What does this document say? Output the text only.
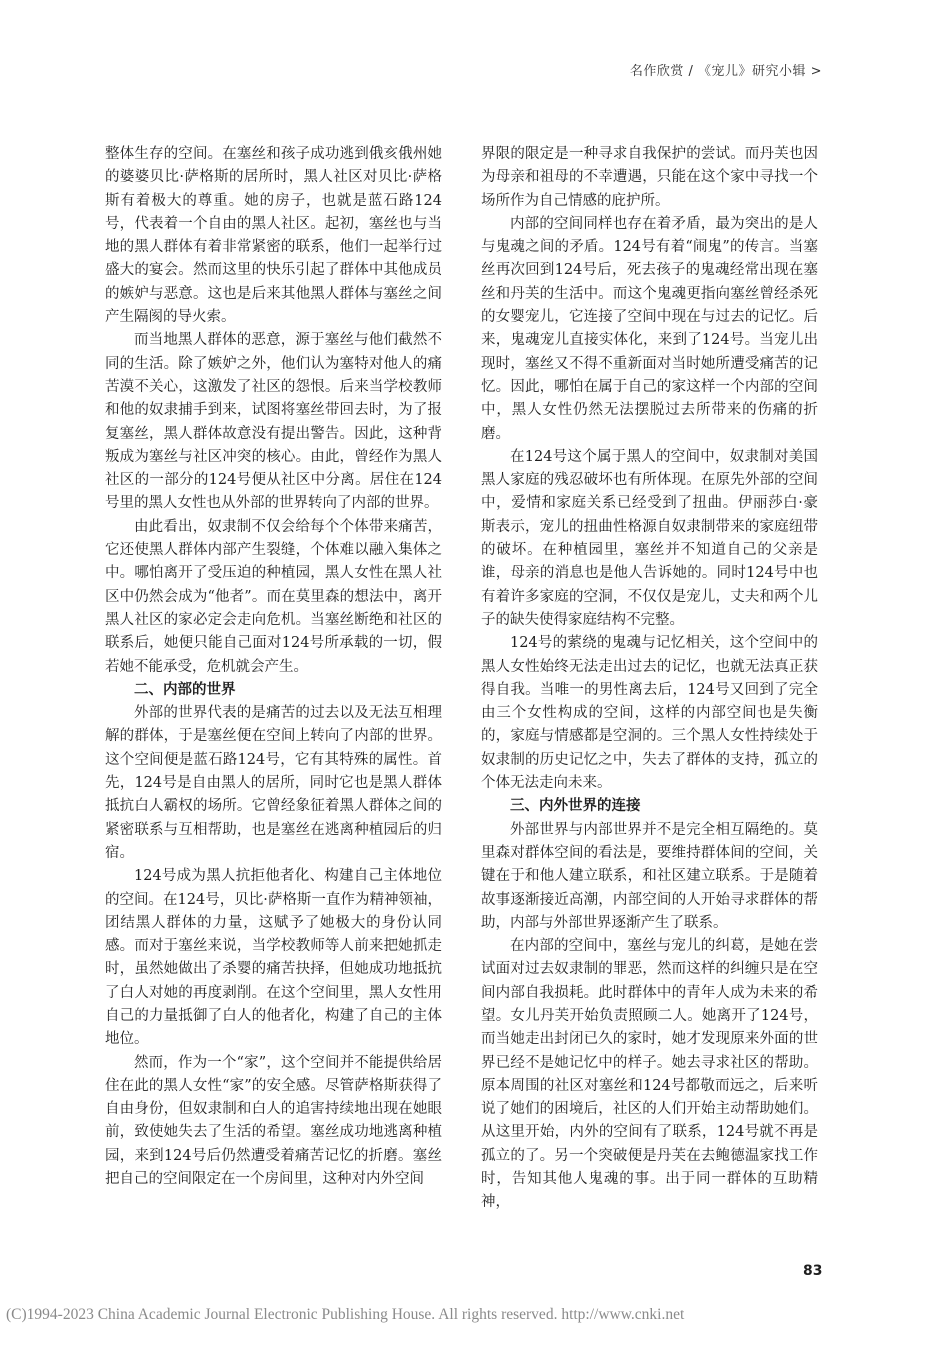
名作欣赏 / 《宠儿》研究小辑 >

整体生存的空间。在塞丝和孩子成功逃到俄亥俄州她的婆婆贝比·萨格斯的居所时，黑人社区对贝比·萨格斯有着极大的尊重。她的房子，也就是蓝石路124号，代表着一个自由的黑人社区。起初，塞丝也与当地的黑人群体有着非常紧密的联系，他们一起举行过盛大的宴会。然而这里的快乐引起了群体中其他成员的嫉妒与恶意。这也是后来其他黑人群体与塞丝之间产生隔阂的导火索。

而当地黑人群体的恶意，源于塞丝与他们截然不同的生活。除了嫉妒之外，他们认为塞特对他人的痛苦漠不关心，这激发了社区的怨恨。后来当学校教师和他的奴隶捕手到来，试图将塞丝带回去时，为了报复塞丝，黑人群体故意没有提出警告。因此，这种背叛成为塞丝与社区冲突的核心。由此，曾经作为黑人社区的一部分的124号便从社区中分离。居住在124号里的黑人女性也从外部的世界转向了内部的世界。

由此看出，奴隶制不仅会给每个个体带来痛苦，它还使黑人群体内部产生裂缝，个体难以融入集体之中。哪怕离开了受压迫的种植园，黑人女性在黑人社区中仍然会成为“他者”。而在莫里森的想法中，离开黑人社区的家必定会走向危机。当塞丝断绝和社区的联系后，她便只能自己面对124号所承载的一切，假若她不能承受，危机就会产生。

二、内部的世界

外部的世界代表的是痛苦的过去以及无法互相理解的群体，于是塞丝便在空间上转向了内部的世界。这个空间便是蓝石路124号，它有其特殊的属性。首先，124号是自由黑人的居所，同时它也是黑人群体抵抗白人霸权的场所。它曾经象征着黑人群体之间的紧密联系与互相帮助，也是塞丝在逃离种植园后的归宿。

124号成为黑人抗拒他者化、构建自己主体地位的空间。在124号，贝比·萨格斯一直作为精神领袖，团结黑人群体的力量，这赋予了她极大的身份认同感。而对于塞丝来说，当学校教师等人前来把她抓走时，虽然她做出了杀婴的痛苦抉择，但她成功地抵抗了白人对她的再度剥削。在这个空间里，黑人女性用自己的力量抵御了白人的他者化，构建了自己的主体地位。

然而，作为一个“家”，这个空间并不能提供给居住在此的黑人女性“家”的安全感。尽管萨格斯获得了自由身份，但奴隶制和白人的追害持续地出现在她眼前，致使她失去了生活的希望。塞丝成功地逃离种植园，来到124号后仍然遭受着痛苦记忆的折磨。塞丝把自己的空间限定在一个房间里，这种对内外空间

界限的限定是一种寻求自我保护的尝试。而丹芙也因为母亲和祖母的不幸遭遇，只能在这个家中寻找一个场所作为自己情感的庇护所。

内部的空间同样也存在着矛盾，最为突出的是人与鬼魂之间的矛盾。124号有着“闹鬼”的传言。当塞丝再次回到124号后，死去孩子的鬼魂经常出现在塞丝和丹芙的生活中。而这个鬼魂更指向塞丝曾经杀死的女婴宠儿，它连接了空间中现在与过去的记忆。后来，鬼魂宠儿直接实体化，来到了124号。当宠儿出现时，塞丝又不得不重新面对当时她所遭受痛苦的记忆。因此，哪怕在属于自己的家这样一个内部的空间中，黑人女性仍然无法摆脱过去所带来的伤痛的折磨。

在124号这个属于黑人的空间中，奴隶制对美国黑人家庭的残忍破坏也有所体现。在原先外部的空间中，爱情和家庭关系已经受到了扭曲。伊丽莎白·豪斯表示，宠儿的扭曲性格源自奴隶制带来的家庭纽带的破坏。在种植园里，塞丝并不知道自己的父亲是谁，母亲的消息也是他人告诉她的。同时124号中也有着许多家庭的空洞，不仅仅是宠儿，丈夫和两个儿子的缺失使得家庭结构不完整。

124号的萦绕的鬼魂与记忆相关，这个空间中的黑人女性始终无法走出过去的记忆，也就无法真正获得自我。当唯一的男性离去后，124号又回到了完全由三个女性构成的空间，这样的内部空间也是失衡的，家庭与情感都是空洞的。三个黑人女性持续处于奴隶制的历史记忆之中，失去了群体的支持，孤立的个体无法走向未来。

三、内外世界的连接

外部世界与内部世界并不是完全相互隔绝的。莫里森对群体空间的看法是，要维持群体间的空间，关键在于和他人建立联系，和社区建立联系。于是随着故事逐渐接近高潮，内部空间的人开始寻求群体的帮助，内部与外部世界逐渐产生了联系。

在内部的空间中，塞丝与宠儿的纠葛，是她在尝试面对过去奴隶制的罪恶，然而这样的纠缠只是在空间内部自我损耗。此时群体中的青年人成为未来的希望。女儿丹芙开始负责照顾二人。她离开了124号，而当她走出封闭已久的家时，她才发现原来外面的世界已经不是她记忆中的样子。她去寻求社区的帮助。原本周围的社区对塞丝和124号都敬而远之，后来听说了她们的困境后，社区的人们开始主动帮助她们。从这里开始，内外的空间有了联系，124号就不再是孤立的了。另一个突破便是丹芙在去鲍德温家找工作时，告知其他人鬼魂的事。出于同一群体的互助精神，

83
(C)1994-2023 China Academic Journal Electronic Publishing House. All rights reserved. http://www.cnki.net
